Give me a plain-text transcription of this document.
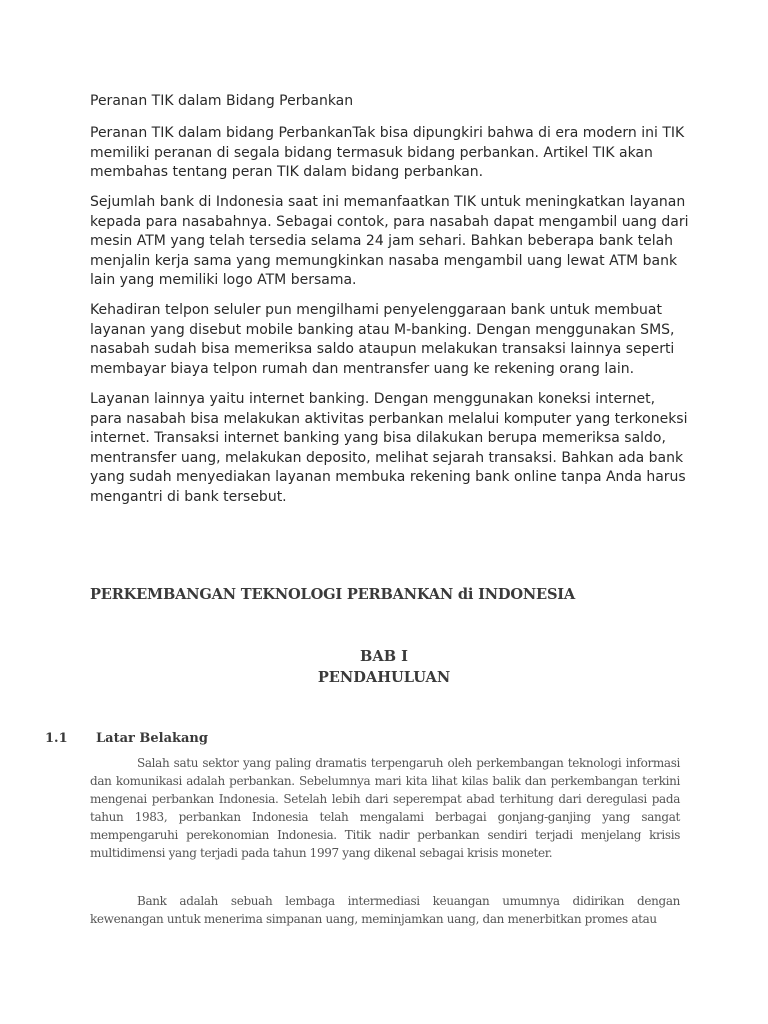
Peranan TIK dalam Bidang Perbankan

Peranan TIK dalam bidang PerbankanTak bisa dipungkiri bahwa di era modern ini TIK memiliki peranan di segala bidang termasuk bidang perbankan. Artikel TIK akan membahas tentang peran TIK dalam bidang perbankan.

Sejumlah bank di Indonesia saat ini memanfaatkan TIK untuk meningkatkan layanan kepada para nasabahnya. Sebagai contok, para nasabah dapat mengambil uang dari mesin ATM yang telah tersedia selama 24 jam sehari. Bahkan beberapa bank telah menjalin kerja sama yang memungkinkan nasaba mengambil uang lewat ATM bank lain yang memiliki logo ATM bersama.

Kehadiran telpon seluler pun mengilhami penyelenggaraan bank untuk membuat layanan yang disebut mobile banking atau M-banking. Dengan menggunakan SMS, nasabah sudah bisa memeriksa saldo ataupun melakukan transaksi lainnya seperti membayar biaya telpon rumah dan mentransfer uang ke rekening orang lain.

Layanan lainnya yaitu internet banking. Dengan menggunakan koneksi internet, para nasabah bisa melakukan aktivitas perbankan melalui komputer yang terkoneksi internet. Transaksi internet banking yang bisa dilakukan berupa memeriksa saldo, mentransfer uang, melakukan deposito, melihat sejarah transaksi. Bahkan ada bank yang sudah menyediakan layanan membuka rekening bank online tanpa Anda harus mengantri di bank tersebut.

PERKEMBANGAN TEKNOLOGI PERBANKAN di INDONESIA

BAB I

PENDAHULUAN

1.1 Latar Belakang

Salah satu sektor yang paling dramatis terpengaruh oleh perkembangan teknologi informasi dan komunikasi adalah perbankan. Sebelumnya mari kita lihat kilas balik dan perkembangan terkini mengenai perbankan Indonesia. Setelah lebih dari seperempat abad terhitung dari deregulasi pada tahun 1983, perbankan Indonesia telah mengalami berbagai gonjang-ganjing yang sangat mempengaruhi perekonomian Indonesia. Titik nadir perbankan sendiri terjadi menjelang krisis multidimensi yang terjadi pada tahun 1997 yang dikenal sebagai krisis moneter.

Bank adalah sebuah lembaga intermediasi keuangan umumnya didirikan dengan kewenangan untuk menerima simpanan uang, meminjamkan uang, dan menerbitkan promes atau
